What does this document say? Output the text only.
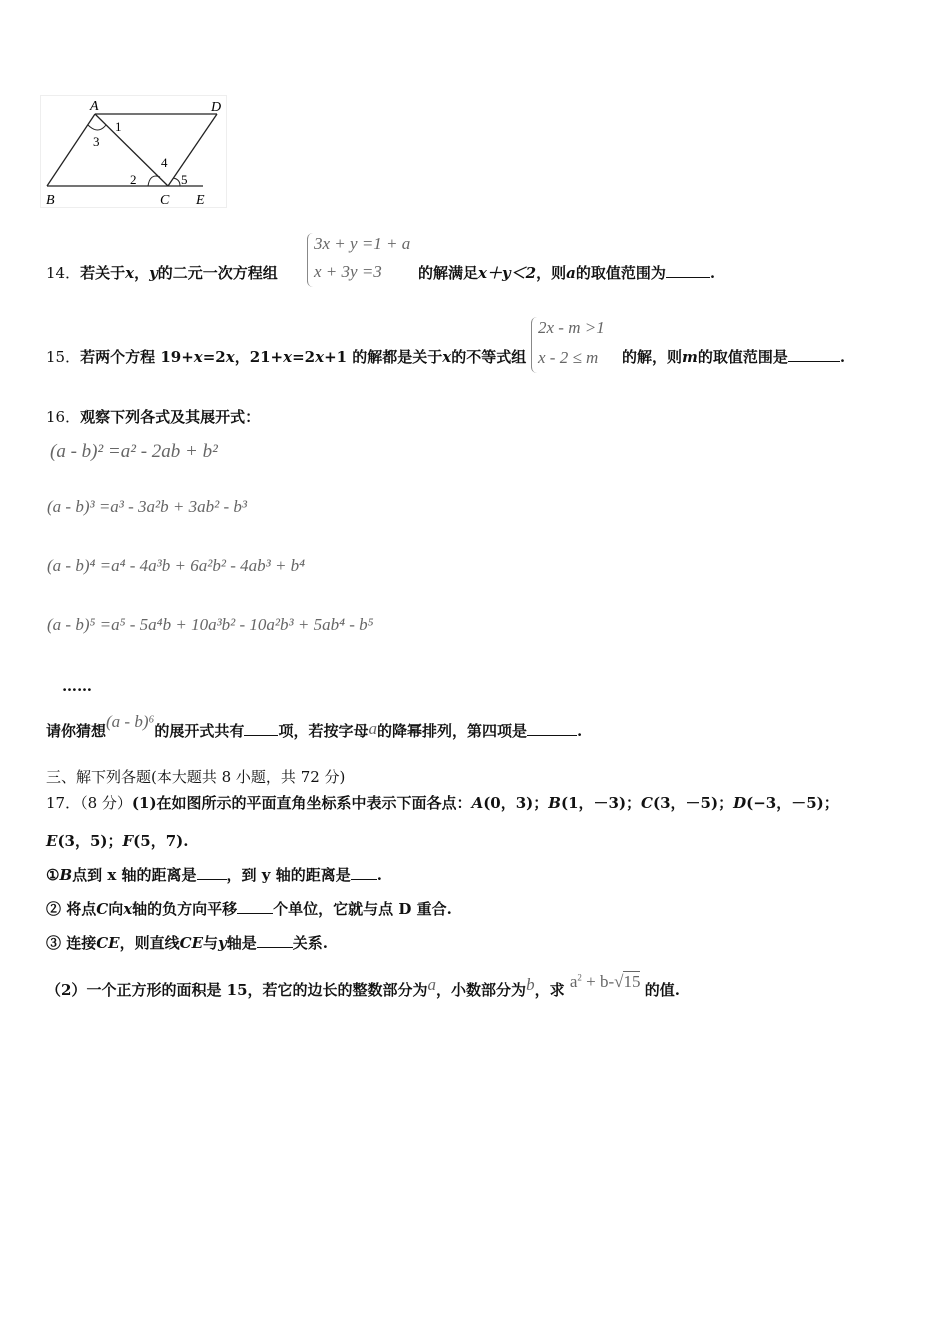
A	D
B	C E
1
3
4
2	5
14．若关于x，y的二元一次方程组
3x + y =1 + a
x + 3y =3 的解满足x＋y＜2，则a的取值范围为	.
15．若两个方程 19+x=2x，21+x=2x+1 的解都是关于x的不等式组
2x - m >1
x - 2 ≤ m 的解，则m的取值范围是	.
16．观察下列各式及其展开式：
(a - b)² =a² - 2ab + b²
(a - b)³ =a³ - 3a²b + 3ab² - b³
(a - b)⁴ =a⁴ - 4a³b + 6a²b² - 4ab³ + b⁴
(a - b)⁵ =a⁵ - 5a⁴b + 10a³b² - 10a²b³ + 5ab⁴ - b⁵
……
请你猜想(a - b)⁶的展开式共有 项，若按字母a的降幂排列，第四项是	.
三、解下列各题(本大题共 8 小题，共 72 分)
17．（8 分）(1)在如图所示的平面直角坐标系中表示下面各点：A(0，3)；B(1，－3)；C(3，－5)；D(−3，－5)；
E(3，5)；F(5，7).
①B点到 x 轴的距离是 ，到 y 轴的距离是 .
② 将点C向x轴的负方向平移 个单位，它就与点 D 重合.
③ 连接CE，则直线CE与y轴是 关系.
（2）一个正方形的面积是 15，若它的边长的整数部分为a，小数部分为b，求 $a^2 + b-√15$ 的值.
